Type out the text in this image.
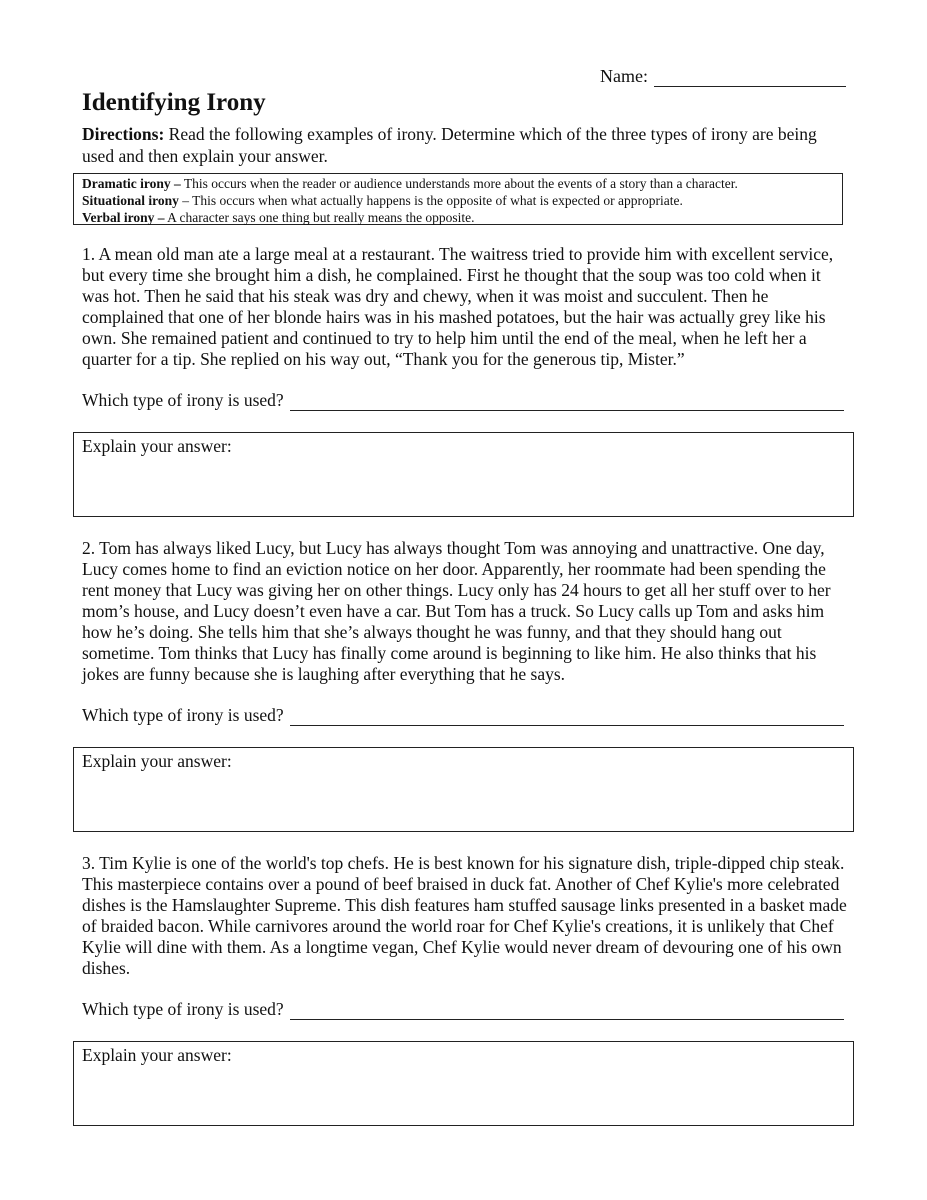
Name:
Identifying Irony
Directions: Read the following examples of irony. Determine which of the three types of irony are being used and then explain your answer.
Dramatic irony – This occurs when the reader or audience understands more about the events of a story than a character.
Situational irony – This occurs when what actually happens is the opposite of what is expected or appropriate.
Verbal irony – A character says one thing but really means the opposite.

1. A mean old man ate a large meal at a restaurant. The waitress tried to provide him with excellent service, but every time she brought him a dish, he complained. First he thought that the soup was too cold when it was hot. Then he said that his steak was dry and chewy, when it was moist and succulent. Then he complained that one of her blonde hairs was in his mashed potatoes, but the hair was actually grey like his own. She remained patient and continued to try to help him until the end of the meal, when he left her a quarter for a tip. She replied on his way out, “Thank you for the generous tip, Mister.”

Which type of irony is used?
Explain your answer:

2. Tom has always liked Lucy, but Lucy has always thought Tom was annoying and unattractive. One day, Lucy comes home to find an eviction notice on her door. Apparently, her roommate had been spending the rent money that Lucy was giving her on other things. Lucy only has 24 hours to get all her stuff over to her mom’s house, and Lucy doesn’t even have a car. But Tom has a truck. So Lucy calls up Tom and asks him how he’s doing. She tells him that she’s always thought he was funny, and that they should hang out sometime. Tom thinks that Lucy has finally come around is beginning to like him. He also thinks that his jokes are funny because she is laughing after everything that he says.

Which type of irony is used?
Explain your answer:

3. Tim Kylie is one of the world's top chefs. He is best known for his signature dish, triple-dipped chip steak. This masterpiece contains over a pound of beef braised in duck fat. Another of Chef Kylie's more celebrated dishes is the Hamslaughter Supreme. This dish features ham stuffed sausage links presented in a basket made of braided bacon. While carnivores around the world roar for Chef Kylie's creations, it is unlikely that Chef Kylie will dine with them. As a longtime vegan, Chef Kylie would never dream of devouring one of his own dishes.

Which type of irony is used?
Explain your answer:
